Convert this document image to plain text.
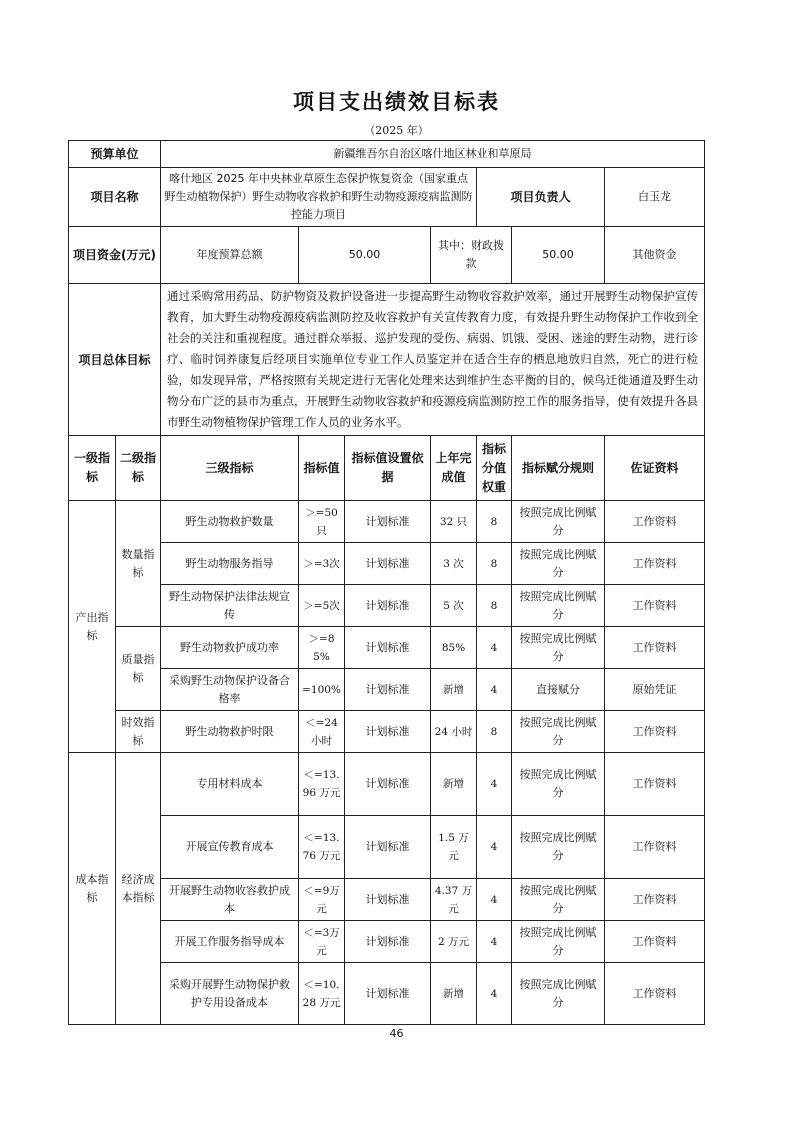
项目支出绩效目标表
（2025 年）
预算单位		新疆维吾尔自治区喀什地区林业和草原局							
项目名称		喀什地区 2025 年中央林业草原生态保护恢复资金（国家重点野生动植物保护）野生动物收容救护和野生动物疫源疫病监测防控能力项目				项目负责人		白玉龙	
项目资金(万元)		年度预算总额	50.00		其中：财政拨款		50.00	其他资金	
项目总体目标		通过采购常用药品、防护物资及救护设备进一步提高野生动物收容救护效率，通过开展野生动物保护宣传教育，加大野生动物疫源疫病监测防控及收容救护有关宣传教育力度，有效提升野生动物保护工作收到全社会的关注和重视程度。通过群众举报、巡护发现的受伤、病弱、饥饿、受困、迷途的野生动物，进行诊疗、临时饲养康复后经项目实施单位专业工作人员鉴定并在适合生存的栖息地放归自然，死亡的进行检验，如发现异常，严格按照有关规定进行无害化处理来达到维护生态平衡的目的，候鸟迁徙通道及野生动物分布广泛的县市为重点，开展野生动物收容救护和疫源疫病监测防控工作的服务指导，使有效提升各县市野生动物植物保护管理工作人员的业务水平。							
一级指标	二级指标	三级指标	指标值	指标值设置依据	上年完成值	指标分值权重	指标赋分规则	佐证资料	
产出指标	数量指标	野生动物救护数量	＞=50只	计划标准	32 只	8	按照完成比例赋分	工作资料	
		野生动物服务指导	＞=3次	计划标准	3 次	8	按照完成比例赋分	工作资料	
		野生动物保护法律法规宣传	＞=5次	计划标准	5 次	8	按照完成比例赋分	工作资料	
	质量指标	野生动物救护成功率	＞=85%	计划标准	85%	4	按照完成比例赋分	工作资料	
		采购野生动物保护设备合格率	=100%	计划标准	新增	4	直接赋分	原始凭证	
	时效指标	野生动物救护时限	＜=24小时	计划标准	24 小时	8	按照完成比例赋分	工作资料	
成本指标	经济成本指标	专用材料成本	＜=13.96 万元	计划标准	新增	4	按照完成比例赋分	工作资料	
		开展宣传教育成本	＜=13.76 万元	计划标准	1.5 万元	4	按照完成比例赋分	工作资料	
		开展野生动物收容救护成本	＜=9万元	计划标准	4.37 万元	4	按照完成比例赋分	工作资料	
		开展工作服务指导成本	＜=3万元	计划标准	2 万元	4	按照完成比例赋分	工作资料	
		采购开展野生动物保护救护专用设备成本	＜=10.28 万元	计划标准	新增	4	按照完成比例赋分	工作资料	
46
